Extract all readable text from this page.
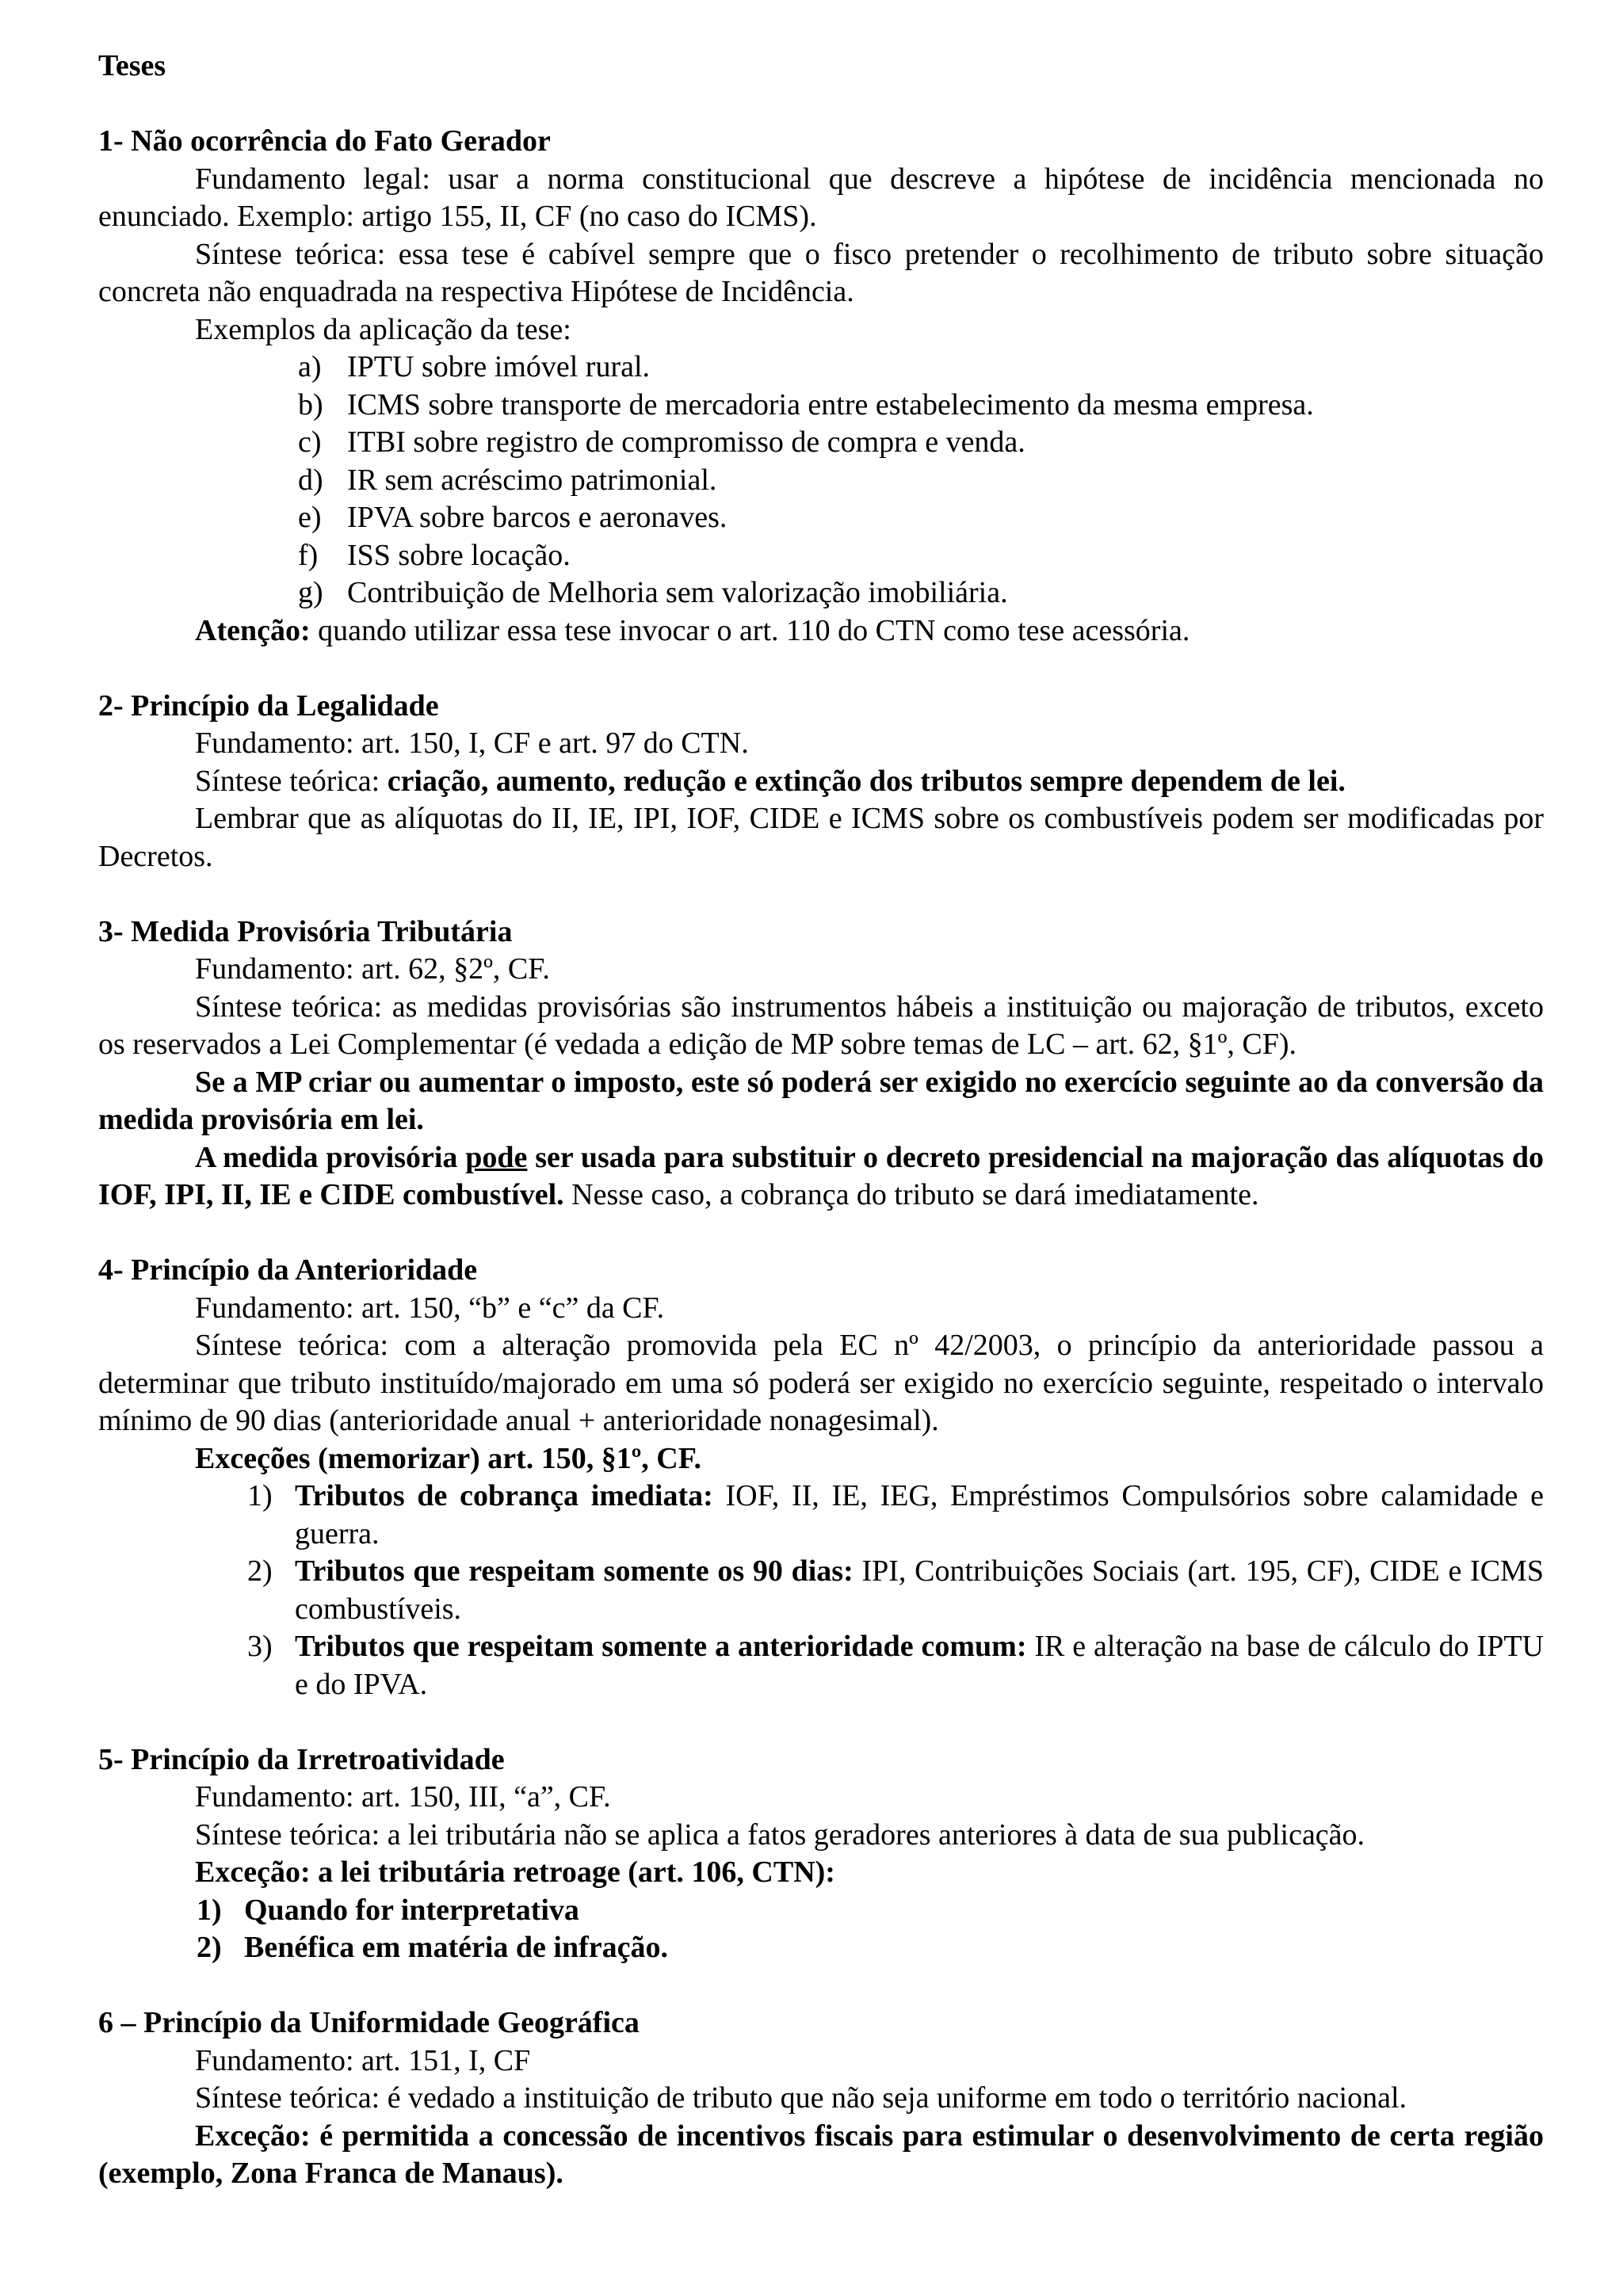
Teses

1- Não ocorrência do Fato Gerador

Fundamento legal: usar a norma constitucional que descreve a hipótese de incidência mencionada no enunciado. Exemplo: artigo 155, II, CF (no caso do ICMS).

Síntese teórica: essa tese é cabível sempre que o fisco pretender o recolhimento de tributo sobre situação concreta não enquadrada na respectiva Hipótese de Incidência.

Exemplos da aplicação da tese:

a) IPTU sobre imóvel rural.
b) ICMS sobre transporte de mercadoria entre estabelecimento da mesma empresa.
c) ITBI sobre registro de compromisso de compra e venda.
d) IR sem acréscimo patrimonial.
e) IPVA sobre barcos e aeronaves.
f) ISS sobre locação.
g) Contribuição de Melhoria sem valorização imobiliária.

Atenção: quando utilizar essa tese invocar o art. 110 do CTN como tese acessória.

2- Princípio da Legalidade

Fundamento: art. 150, I, CF e art. 97 do CTN.

Síntese teórica: criação, aumento, redução e extinção dos tributos sempre dependem de lei.

Lembrar que as alíquotas do II, IE, IPI, IOF, CIDE e ICMS sobre os combustíveis podem ser modificadas por Decretos.

3- Medida Provisória Tributária

Fundamento: art. 62, §2º, CF.

Síntese teórica: as medidas provisórias são instrumentos hábeis a instituição ou majoração de tributos, exceto os reservados a Lei Complementar (é vedada a edição de MP sobre temas de LC – art. 62, §1º, CF).

Se a MP criar ou aumentar o imposto, este só poderá ser exigido no exercício seguinte ao da conversão da medida provisória em lei.

A medida provisória pode ser usada para substituir o decreto presidencial na majoração das alíquotas do IOF, IPI, II, IE e CIDE combustível. Nesse caso, a cobrança do tributo se dará imediatamente.

4- Princípio da Anterioridade

Fundamento: art. 150, “b” e “c” da CF.

Síntese teórica: com a alteração promovida pela EC nº 42/2003, o princípio da anterioridade passou a determinar que tributo instituído/majorado em uma só poderá ser exigido no exercício seguinte, respeitado o intervalo mínimo de 90 dias (anterioridade anual + anterioridade nonagesimal).

Exceções (memorizar) art. 150, §1º, CF.

1) Tributos de cobrança imediata: IOF, II, IE, IEG, Empréstimos Compulsórios sobre calamidade e guerra.
2) Tributos que respeitam somente os 90 dias: IPI, Contribuições Sociais (art. 195, CF), CIDE e ICMS combustíveis.
3) Tributos que respeitam somente a anterioridade comum: IR e alteração na base de cálculo do IPTU e do IPVA.

5- Princípio da Irretroatividade

Fundamento: art. 150, III, “a”, CF.

Síntese teórica: a lei tributária não se aplica a fatos geradores anteriores à data de sua publicação.

Exceção: a lei tributária retroage (art. 106, CTN):

1) Quando for interpretativa
2) Benéfica em matéria de infração.

6 – Princípio da Uniformidade Geográfica

Fundamento: art. 151, I, CF

Síntese teórica: é vedado a instituição de tributo que não seja uniforme em todo o território nacional.

Exceção: é permitida a concessão de incentivos fiscais para estimular o desenvolvimento de certa região (exemplo, Zona Franca de Manaus).
